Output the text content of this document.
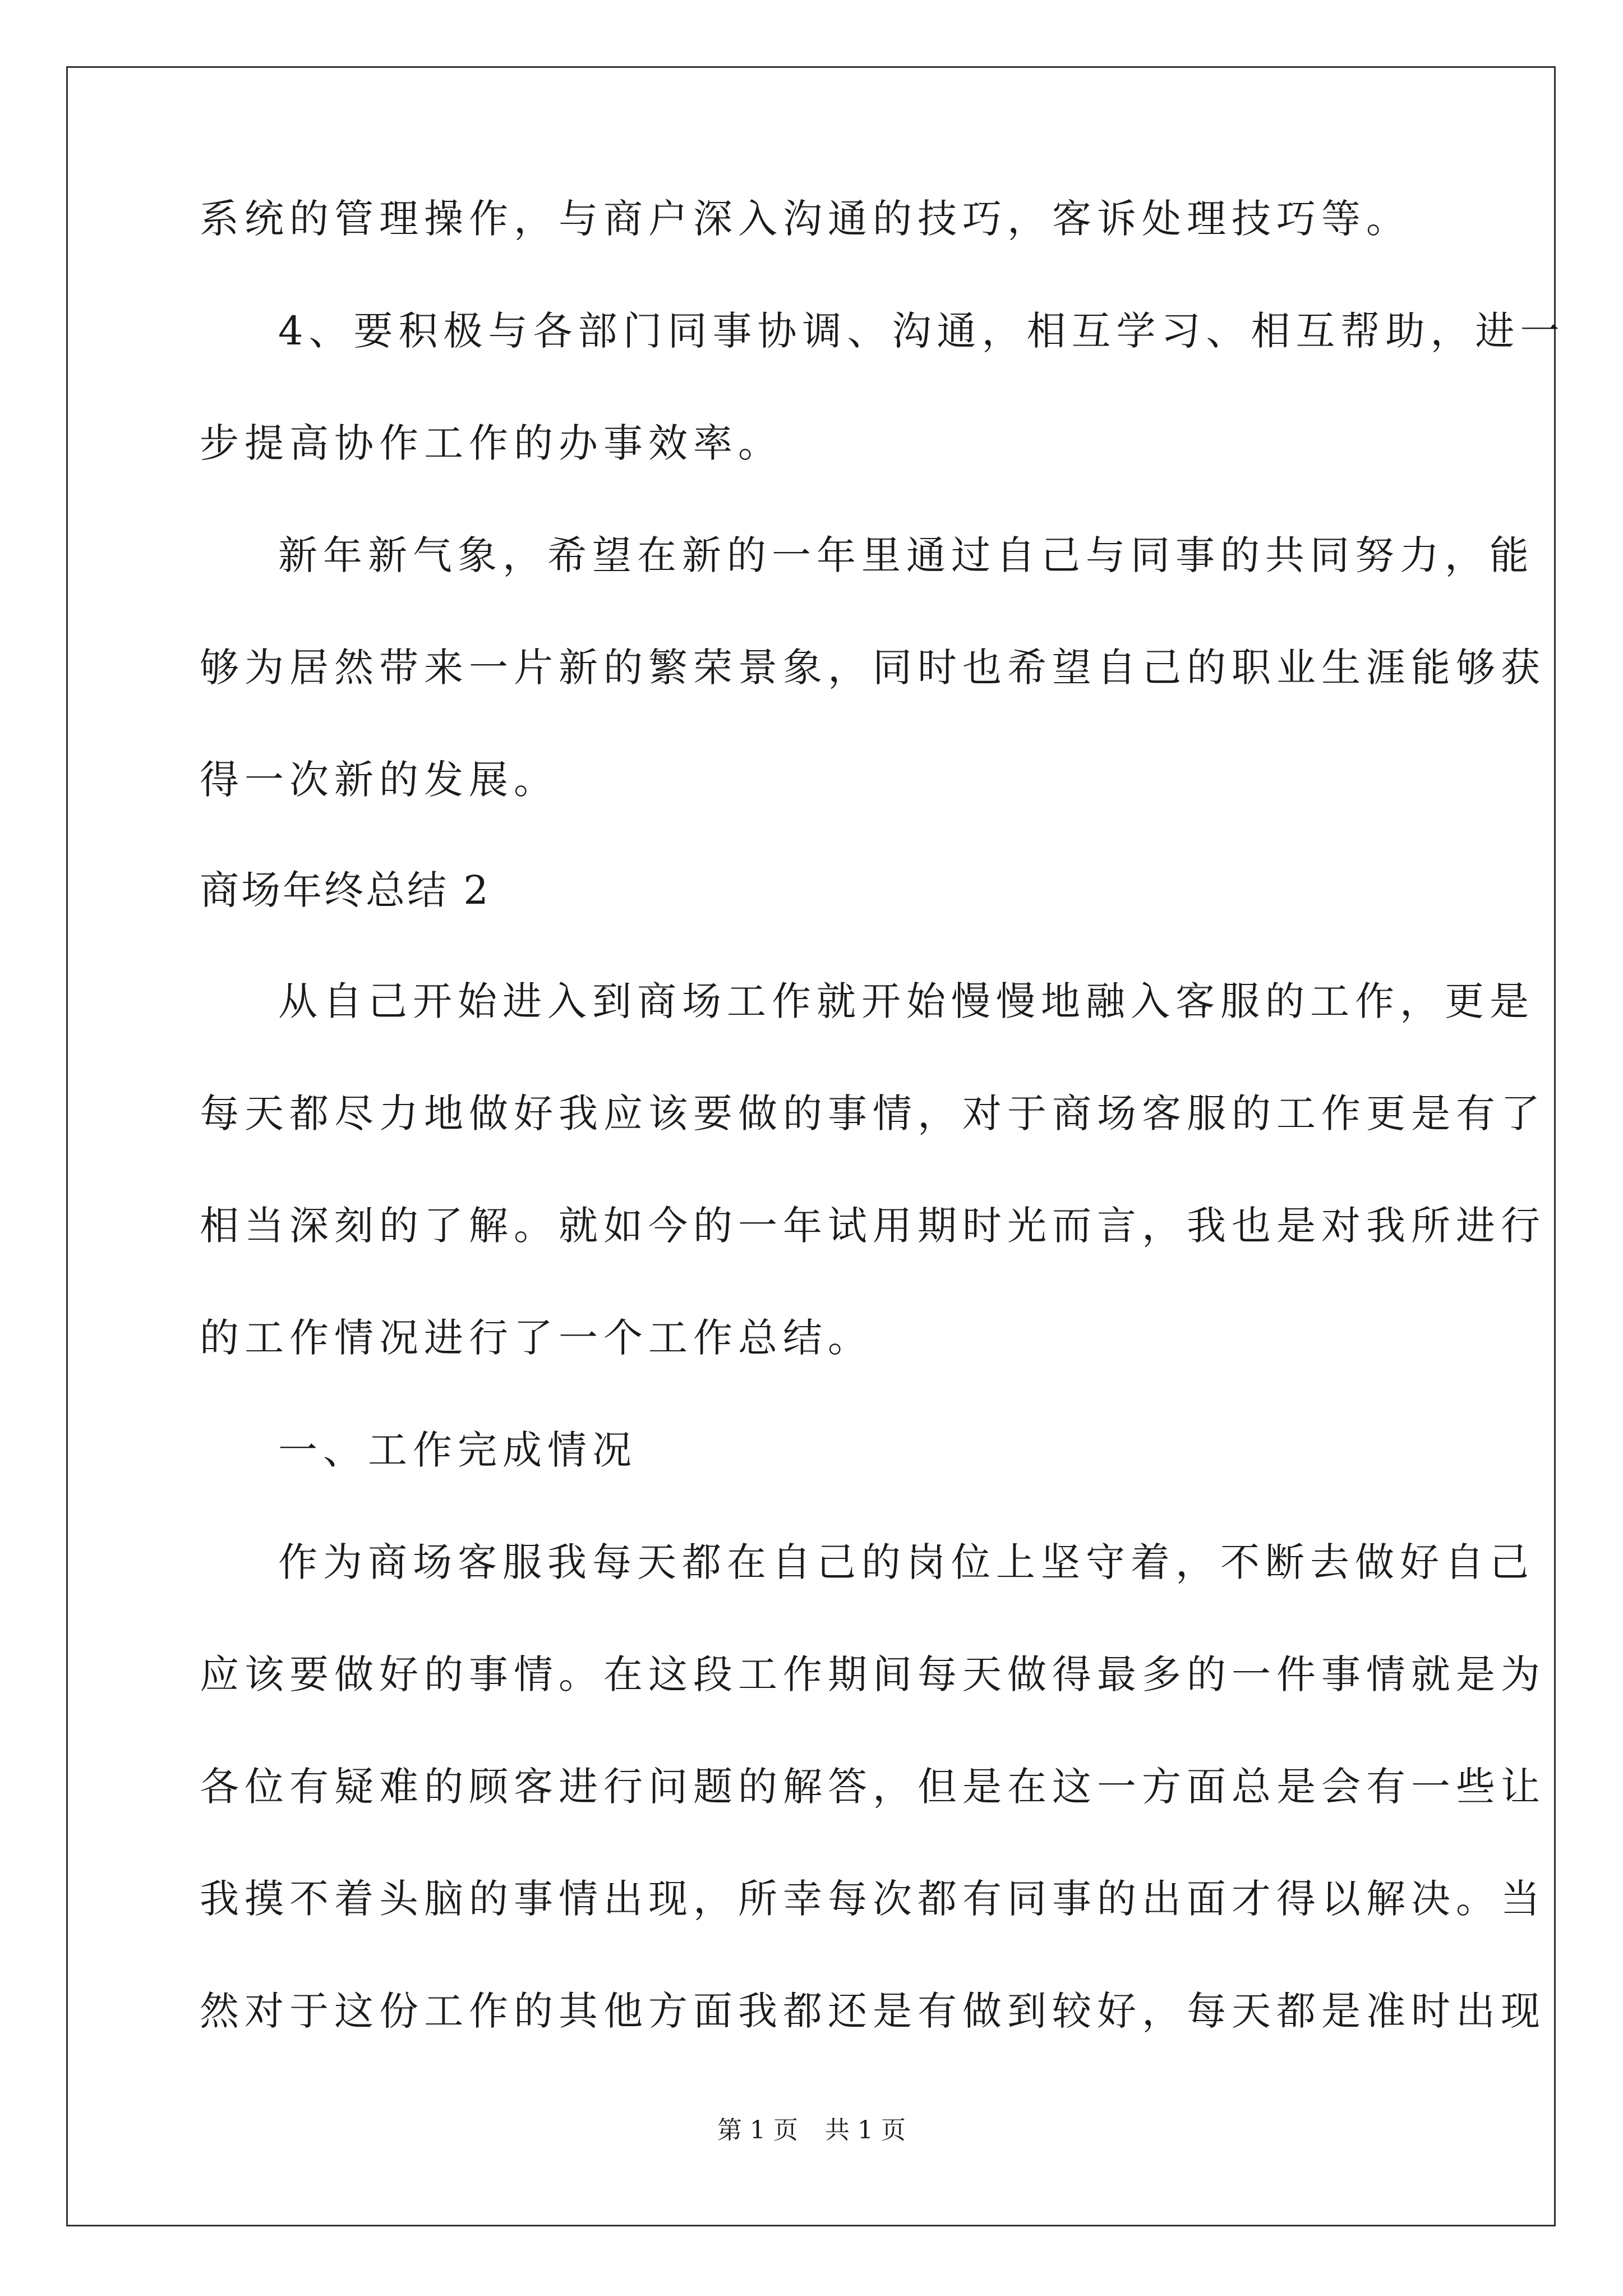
系统的管理操作，与商户深入沟通的技巧，客诉处理技巧等。
4、要积极与各部门同事协调、沟通，相互学习、相互帮助，进一
步提高协作工作的办事效率。
新年新气象，希望在新的一年里通过自己与同事的共同努力，能
够为居然带来一片新的繁荣景象，同时也希望自己的职业生涯能够获
得一次新的发展。
商场年终总结 2
从自己开始进入到商场工作就开始慢慢地融入客服的工作，更是
每天都尽力地做好我应该要做的事情，对于商场客服的工作更是有了
相当深刻的了解。就如今的一年试用期时光而言，我也是对我所进行
的工作情况进行了一个工作总结。
一、工作完成情况
作为商场客服我每天都在自己的岗位上坚守着，不断去做好自己
应该要做好的事情。在这段工作期间每天做得最多的一件事情就是为
各位有疑难的顾客进行问题的解答，但是在这一方面总是会有一些让
我摸不着头脑的事情出现，所幸每次都有同事的出面才得以解决。当
然对于这份工作的其他方面我都还是有做到较好，每天都是准时出现
第 1 页 共 1 页
